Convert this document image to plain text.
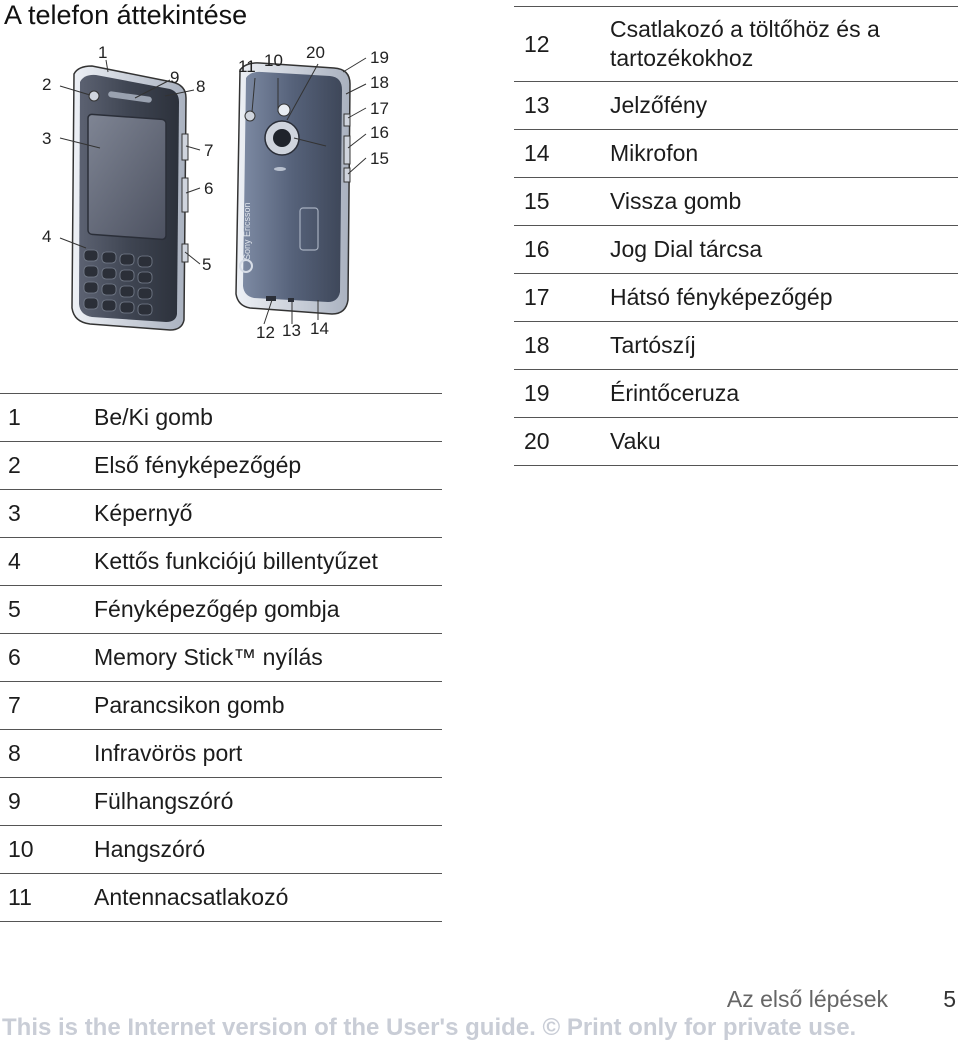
A telefon áttekintése
Sony Ericsson
1
2
3
4
5
6
7
8
9
10
11
12 13 14
15
16
17
18
19
20
1	Be/Ki gomb
2	Első fényképezőgép
3	Képernyő
4	Kettős funkciójú billentyűzet
5	Fényképezőgép gombja
6	Memory Stick™ nyílás
7	Parancsikon gomb
8	Infravörös port
9	Fülhangszóró
10	Hangszóró
11	Antennacsatlakozó
12	Csatlakozó a töltőhöz és a tartozékokhoz
13	Jelzőfény
14	Mikrofon
15	Vissza gomb
16	Jog Dial tárcsa
17	Hátsó fényképezőgép
18	Tartószíj
19	Érintőceruza
20	Vaku
Az első lépések 5
This is the Internet version of the User's guide. © Print only for private use.
